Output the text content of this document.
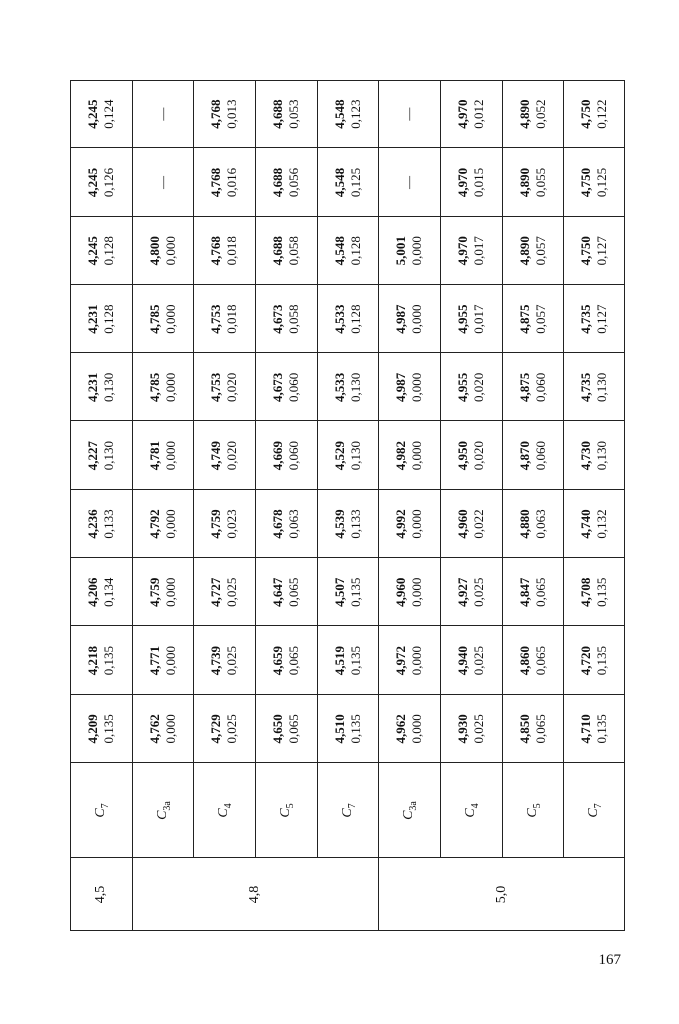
$C_7$
4,209 0,135
4,218 0,135
4,206 0,134
4,236 0,133
4,227 0,130
4,231 0,130
4,231 0,128
4,245 0,128
4,245 0,126
4,245 0,124
4,5
$C_{3a}$
4,762 0,000
4,771 0,000
4,759 0,000
4,792 0,000
4,781 0,000
4,785 0,000
4,785 0,000
4,800 0,000
—
—
$C_4$
4,729 0,025
4,739 0,025
4,727 0,025
4,759 0,023
4,749 0,020
4,753 0,020
4,753 0,018
4,768 0,018
4,768 0,016
4,768 0,013
$C_5$
4,650 0,065
4,659 0,065
4,647 0,065
4,678 0,063
4,669 0,060
4,673 0,060
4,673 0,058
4,688 0,058
4,688 0,056
4,688 0,053
$C_7$
4,510 0,135
4,519 0,135
4,507 0,135
4,539 0,133
4,529 0,130
4,533 0,130
4,533 0,128
4,548 0,128
4,548 0,125
4,548 0,123
4,8
$C_{3a}$
4,962 0,000
4,972 0,000
4,960 0,000
4,992 0,000
4,982 0,000
4,987 0,000
4,987 0,000
5,001 0,000
—
—
$C_4$
4,930 0,025
4,940 0,025
4,927 0,025
4,960 0,022
4,950 0,020
4,955 0,020
4,955 0,017
4,970 0,017
4,970 0,015
4,970 0,012
$C_5$
4,850 0,065
4,860 0,065
4,847 0,065
4,880 0,063
4,870 0,060
4,875 0,060
4,875 0,057
4,890 0,057
4,890 0,055
4,890 0,052
$C_7$
4,710 0,135
4,720 0,135
4,708 0,135
4,740 0,132
4,730 0,130
4,735 0,130
4,735 0,127
4,750 0,127
4,750 0,125
4,750 0,122
5,0
167
